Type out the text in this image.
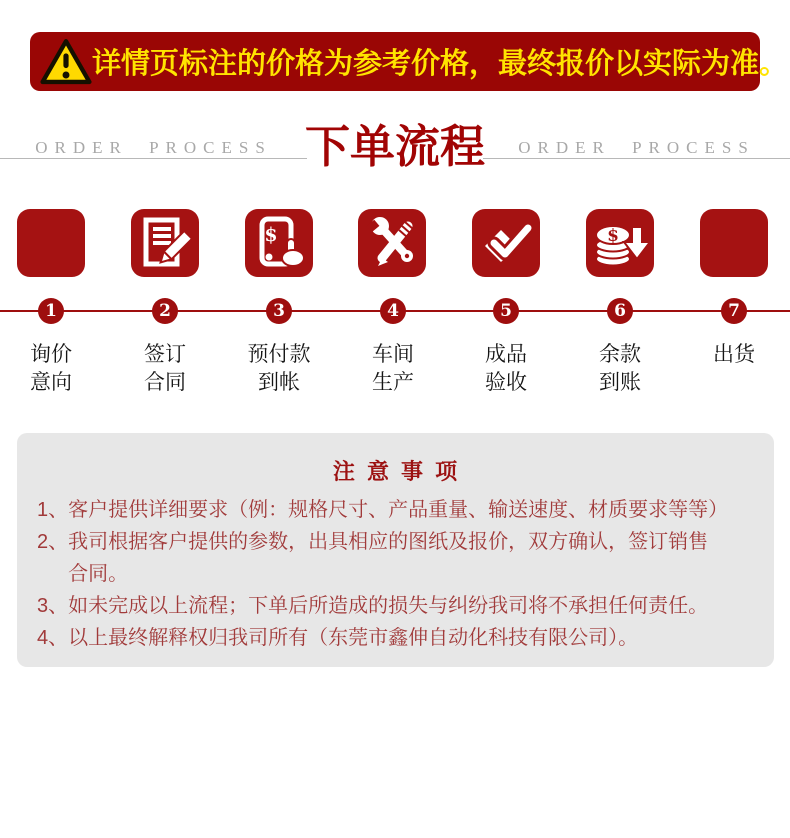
详情页标注的价格为参考价格，最终报价以实际为准。
ORDER PROCESS	ORDER PROCESS
下单流程
$	$
1	2	3	4	5	6	7
询价
意向
签订
合同
预付款
到帐
车间
生产
成品
验收
余款
到账
出货
注 意 事 项
1、 客户提供详细要求（例：规格尺寸、产品重量、输送速度、材质要求等等）
2、 我司根据客户提供的参数，出具相应的图纸及报价，双方确认，签订销售
合同。
3、 如未完成以上流程；下单后所造成的损失与纠纷我司将不承担任何责任。
4、 以上最终解释权归我司所有（东莞市鑫伸自动化科技有限公司）。
